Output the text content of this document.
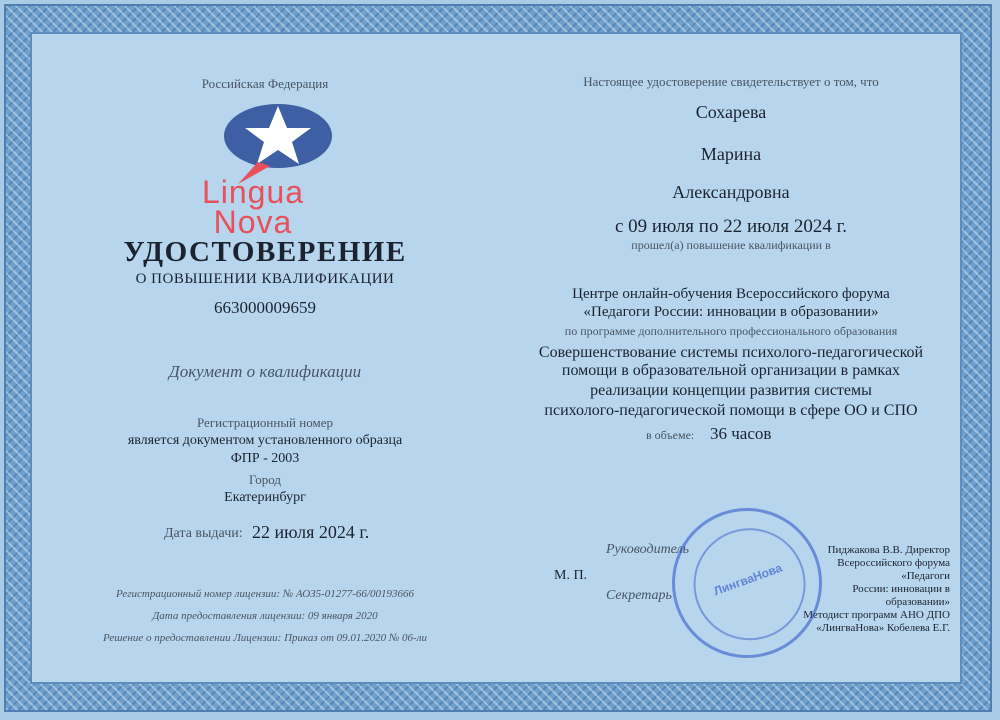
Российская Федерация
Lingua
Nova
УДОСТОВЕРЕНИЕ
О ПОВЫШЕНИИ КВАЛИФИКАЦИИ
663000009659
Документ о квалификации
Регистрационный номер
является документом установленного образца
ФПР - 2003
Город
Екатеринбург
Дата выдачи: 22 июля 2024 г.
Регистрационный номер лицензии: № АОЗ5-01277-66/00193666
Дата предоставления лицензии: 09 января 2020
Решение о предоставлении Лицензии: Приказ от 09.01.2020 № 06-ли
Настоящее удостоверение свидетельствует о том, что
Сохарева
Марина
Александровна
с 09 июля по 22 июля 2024 г.
прошел(а) повышение квалификации в
Центре онлайн-обучения Всероссийского форума
«Педагоги России: инновации в образовании»
по программе дополнительного профессионального образования
Совершенствование системы психолого-педагогической
помощи в образовательной организации в рамках
реализации концепции развития системы
психолого-педагогической помощи в сфере ОО и СПО
в объеме: 36 часов
Руководитель
М. П.
Секретарь
Пиджакова В.В. Директор
Всероссийского форума «Педагоги
России: инновации в образовании»
Методист программ АНО ДПО
«ЛингваНова» Кобелева Е.Г.
ЛингваНова
